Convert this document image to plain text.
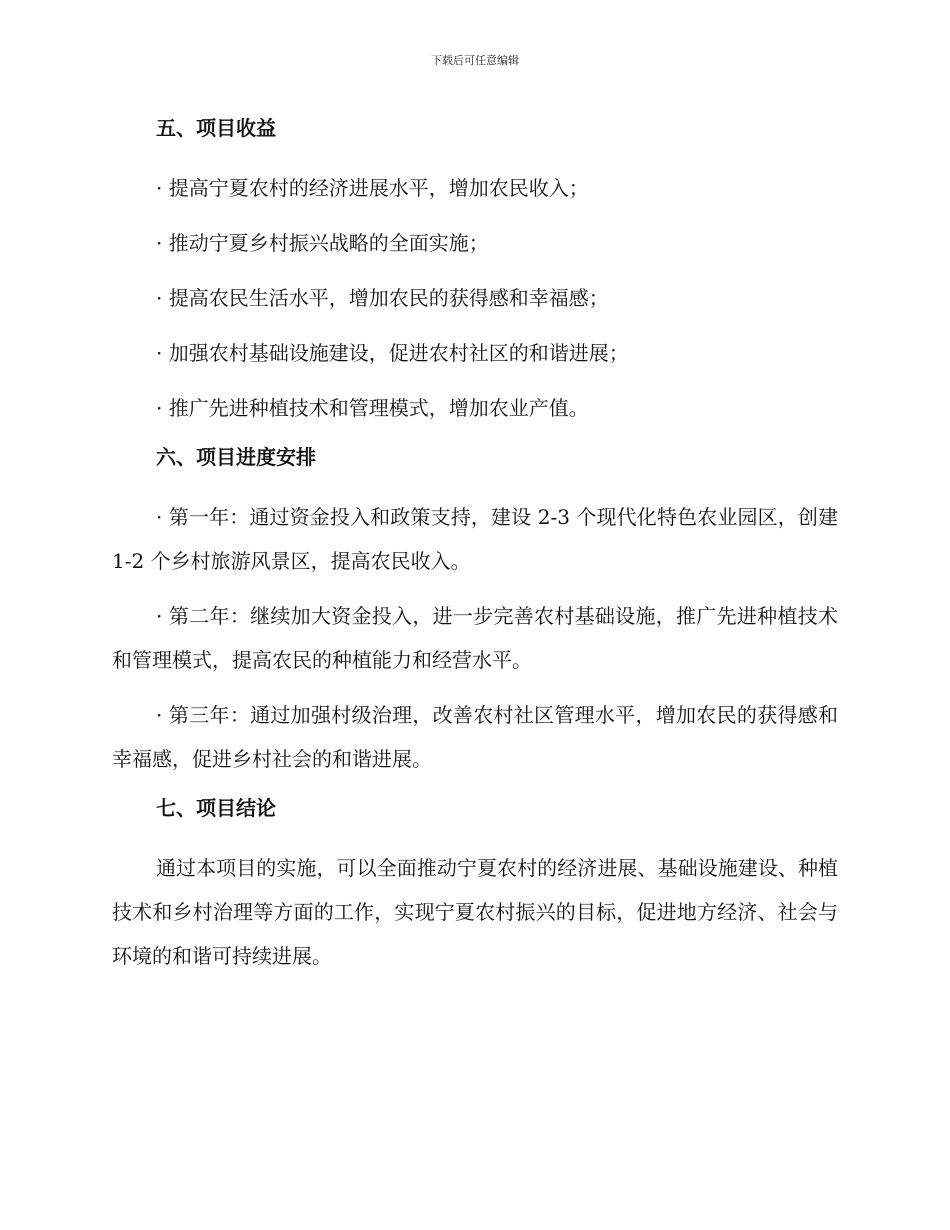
下载后可任意编辑
五、项目收益

· 提高宁夏农村的经济进展水平，增加农民收入；

· 推动宁夏乡村振兴战略的全面实施；

· 提高农民生活水平，增加农民的获得感和幸福感；

· 加强农村基础设施建设，促进农村社区的和谐进展；

· 推广先进种植技术和管理模式，增加农业产值。

六、项目进度安排

· 第一年：通过资金投入和政策支持，建设 2-3 个现代化特色农业园区，创建 1-2 个乡村旅游风景区，提高农民收入。

· 第二年：继续加大资金投入，进一步完善农村基础设施，推广先进种植技术和管理模式，提高农民的种植能力和经营水平。

· 第三年：通过加强村级治理，改善农村社区管理水平，增加农民的获得感和幸福感，促进乡村社会的和谐进展。

七、项目结论

通过本项目的实施，可以全面推动宁夏农村的经济进展、基础设施建设、种植技术和乡村治理等方面的工作，实现宁夏农村振兴的目标，促进地方经济、社会与环境的和谐可持续进展。
